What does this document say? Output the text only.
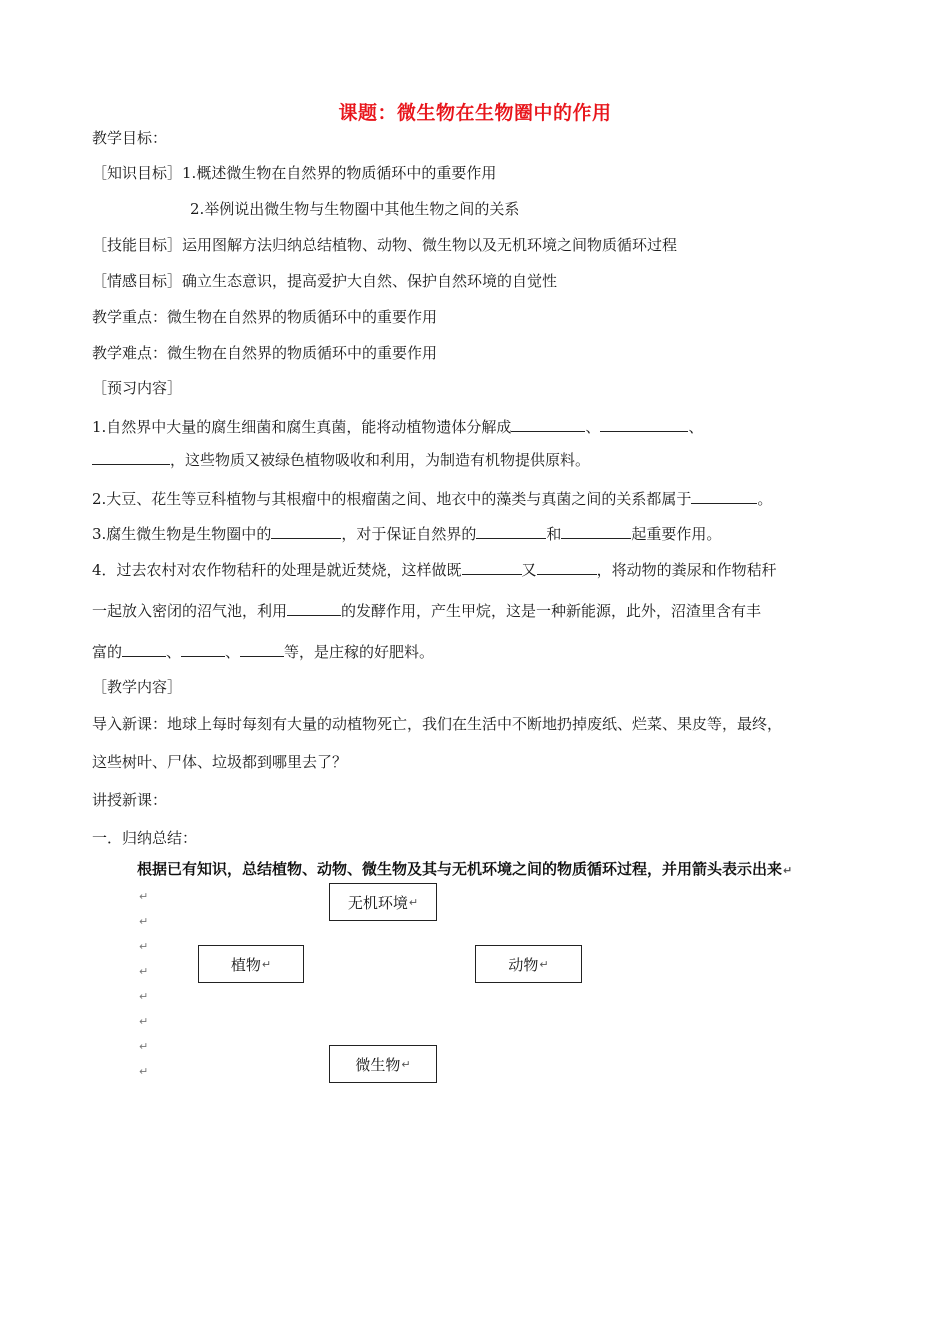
课题：微生物在生物圈中的作用
教学目标：
［知识目标］1.概述微生物在自然界的物质循环中的重要作用
2.举例说出微生物与生物圈中其他生物之间的关系
［技能目标］运用图解方法归纳总结植物、动物、微生物以及无机环境之间物质循环过程
［情感目标］确立生态意识，提高爱护大自然、保护自然环境的自觉性
教学重点：微生物在自然界的物质循环中的重要作用
教学难点：微生物在自然界的物质循环中的重要作用
［预习内容］
1.自然界中大量的腐生细菌和腐生真菌，能将动植物遗体分解成	、	、
，这些物质又被绿色植物吸收和利用，为制造有机物提供原料。
2.大豆、花生等豆科植物与其根瘤中的根瘤菌之间、地衣中的藻类与真菌之间的关系都属于	。
3.腐生微生物是生物圈中的	，对于保证自然界的	和	起重要作用。
4．过去农村对农作物秸秆的处理是就近焚烧，这样做既	又	，将动物的粪尿和作物秸秆
一起放入密闭的沼气池，利用	的发酵作用，产生甲烷，这是一种新能源，此外，沼渣里含有丰
富的	、	、	等，是庄稼的好肥料。
［教学内容］
导入新课：地球上每时每刻有大量的动植物死亡，我们在生活中不断地扔掉废纸、烂菜、果皮等，最终，
这些树叶、尸体、垃圾都到哪里去了？
讲授新课：
一．归纳总结：
根据已有知识，总结植物、动物、微生物及其与无机环境之间的物质循环过程，并用箭头表示出来↵
无机环境 ↵
植物 ↵	动物 ↵
微生物 ↵
↵
↵
↵
↵
↵
↵
↵
↵
